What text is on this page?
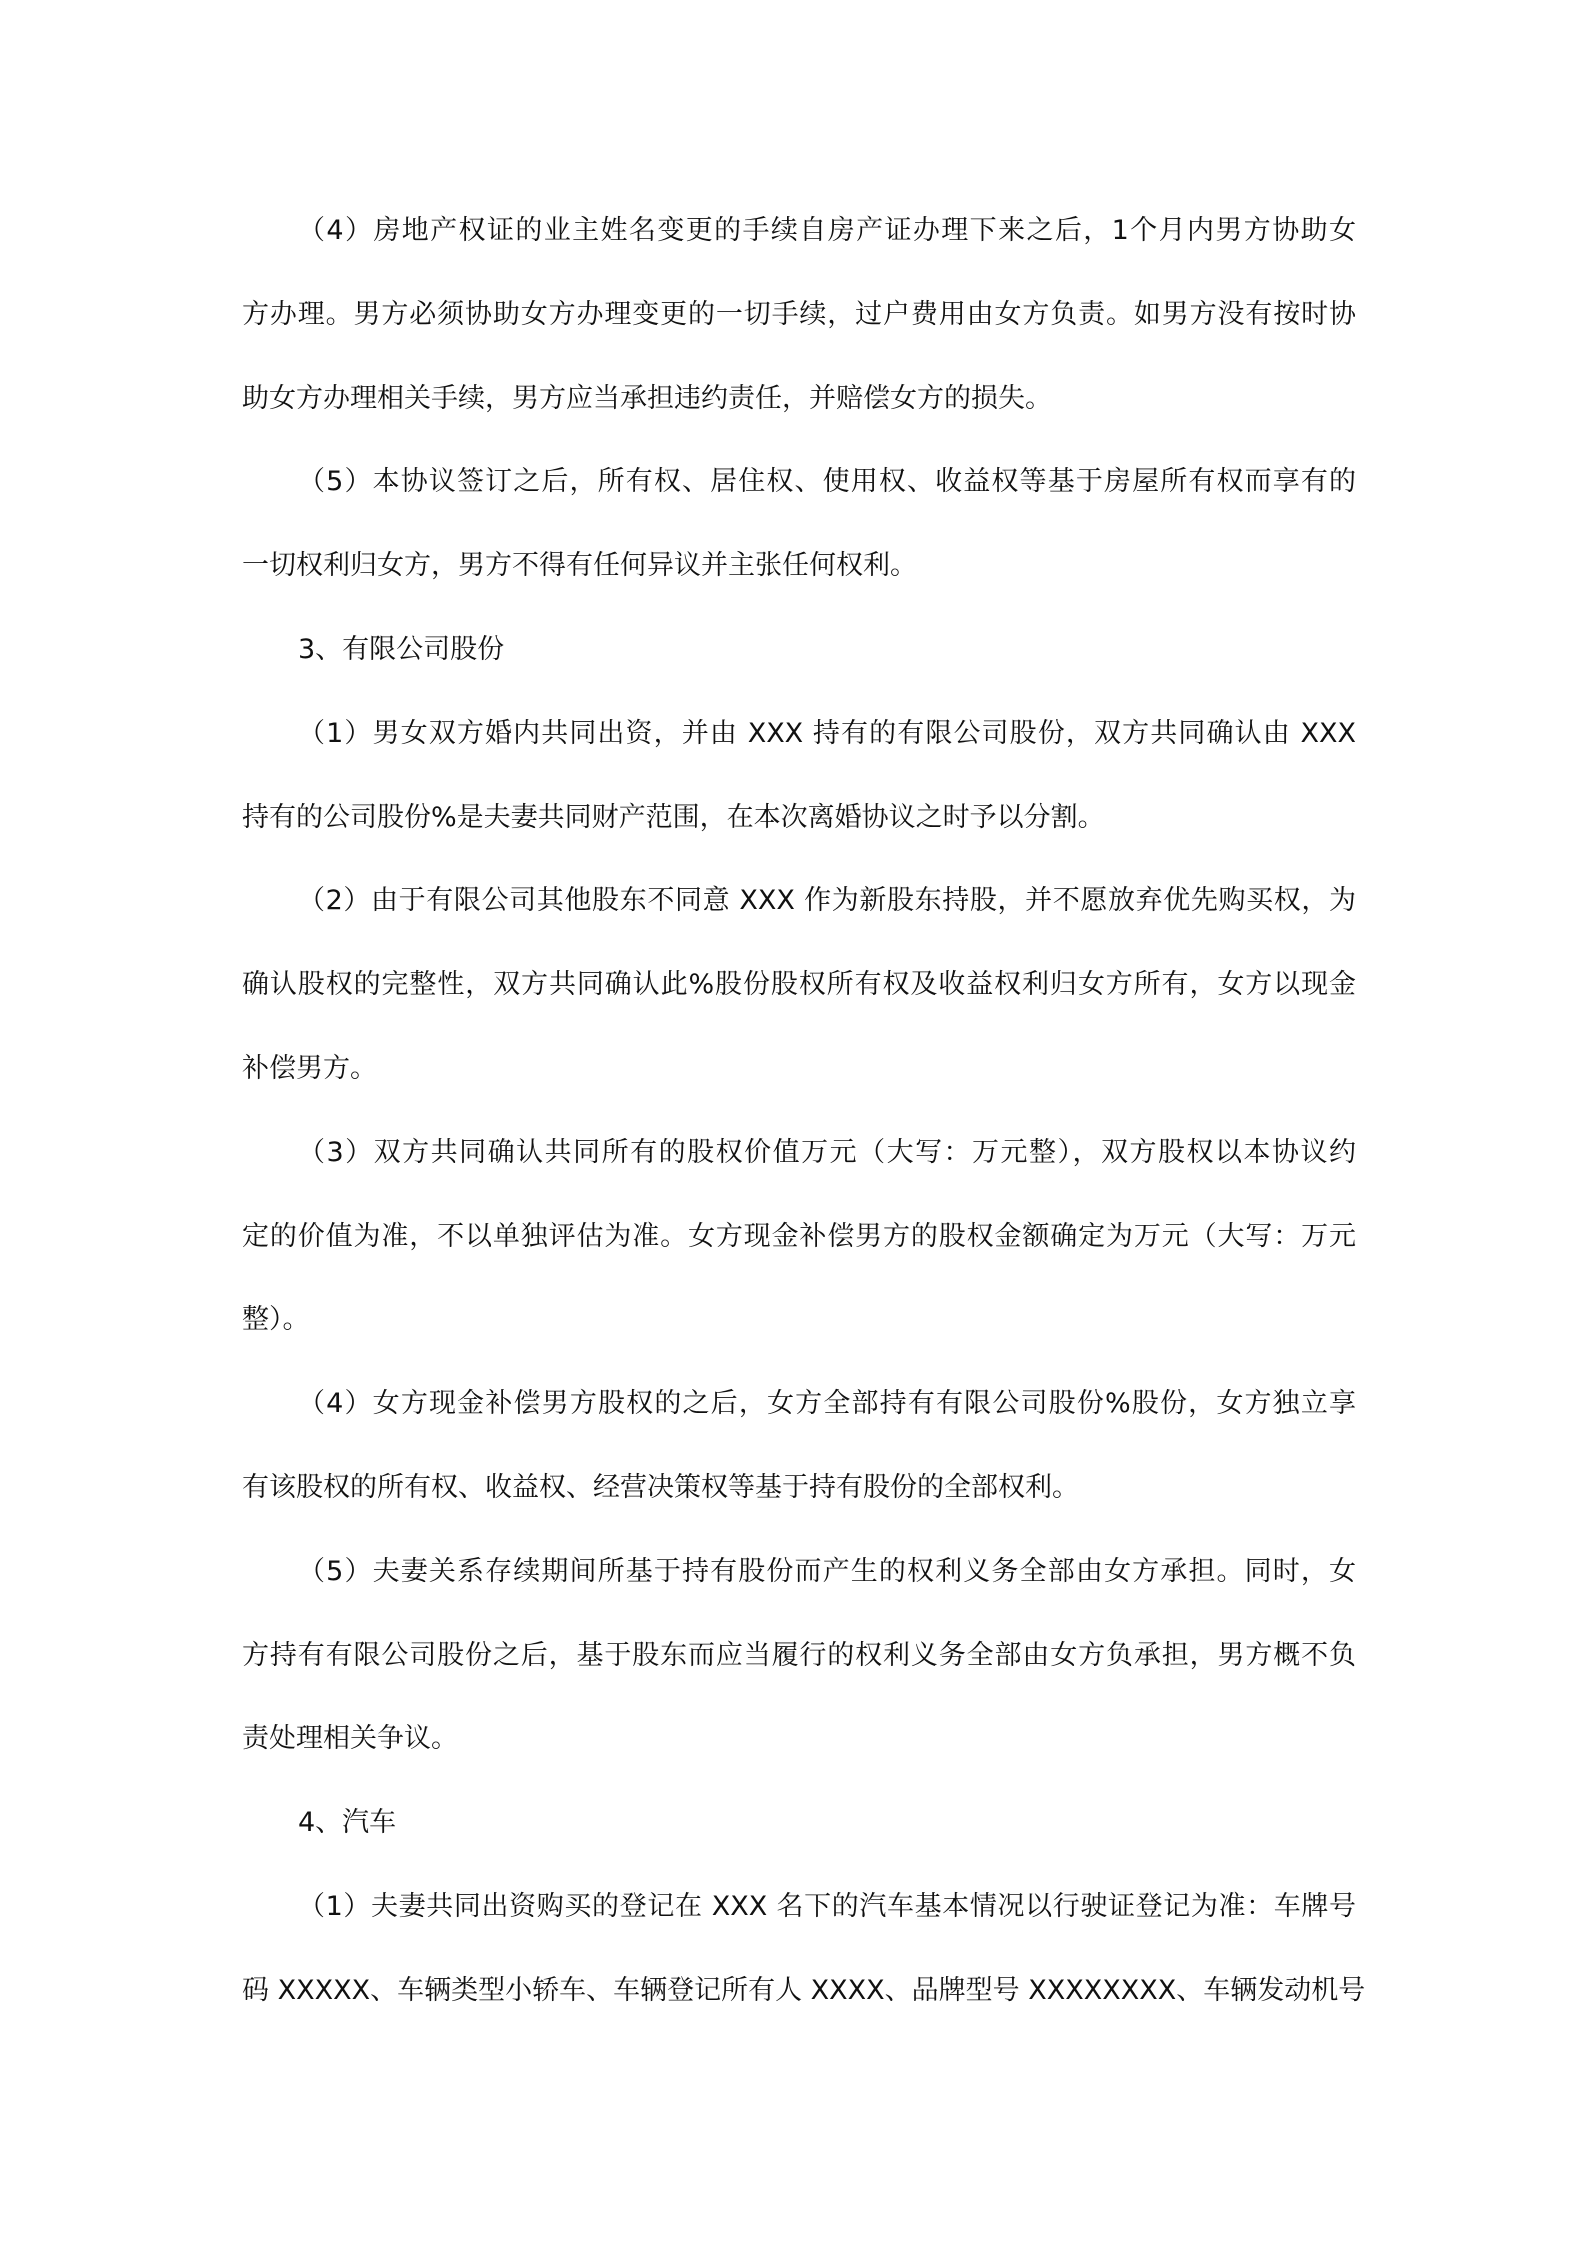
（4）房地产权证的业主姓名变更的手续自房产证办理下来之后，1个月内男方协助女
方办理。男方必须协助女方办理变更的一切手续，过户费用由女方负责。如男方没有按时协
助女方办理相关手续，男方应当承担违约责任，并赔偿女方的损失。
（5）本协议签订之后，所有权、居住权、使用权、收益权等基于房屋所有权而享有的
一切权利归女方，男方不得有任何异议并主张任何权利。
3、有限公司股份
（1）男女双方婚内共同出资，并由 XXX 持有的有限公司股份，双方共同确认由 XXX
持有的公司股份%是夫妻共同财产范围，在本次离婚协议之时予以分割。
（2）由于有限公司其他股东不同意 XXX 作为新股东持股，并不愿放弃优先购买权，为
确认股权的完整性，双方共同确认此%股份股权所有权及收益权利归女方所有，女方以现金
补偿男方。
（3）双方共同确认共同所有的股权价值万元（大写：万元整），双方股权以本协议约
定的价值为准，不以单独评估为准。女方现金补偿男方的股权金额确定为万元（大写：万元
整）。
（4）女方现金补偿男方股权的之后，女方全部持有有限公司股份%股份，女方独立享
有该股权的所有权、收益权、经营决策权等基于持有股份的全部权利。
（5）夫妻关系存续期间所基于持有股份而产生的权利义务全部由女方承担。同时，女
方持有有限公司股份之后，基于股东而应当履行的权利义务全部由女方负承担，男方概不负
责处理相关争议。
4、汽车
（1）夫妻共同出资购买的登记在 XXX 名下的汽车基本情况以行驶证登记为准：车牌号
码 XXXXX、车辆类型小轿车、车辆登记所有人 XXXX、品牌型号 XXXXXXXX、车辆发动机号
